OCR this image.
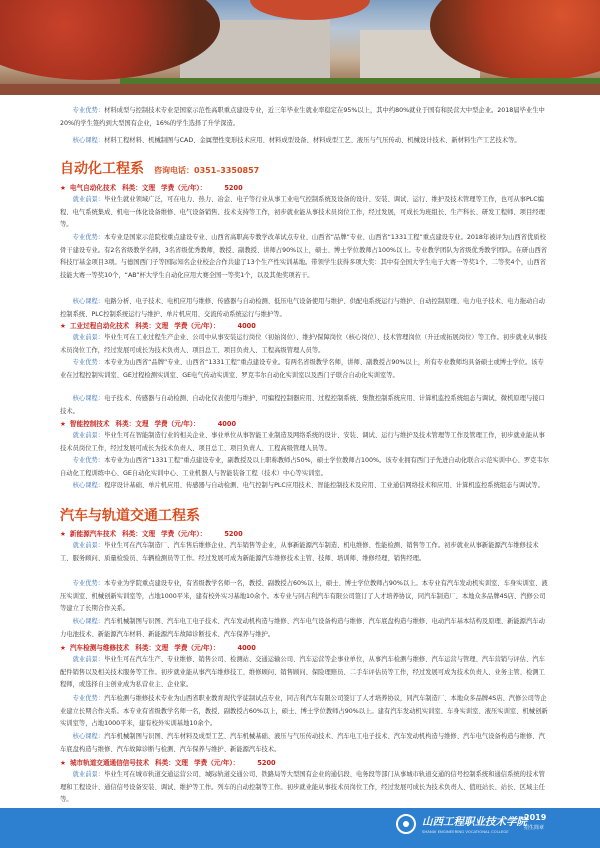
专业优势：材料成型与控制技术专业是国家示范性高职重点建设专业，近三年毕业生就业率稳定在95%以上，其中约80%就业于国有和民营大中型企业。2018届毕业生中20%的学生签约到大型国有企业，16%的学生选择了升学深造。
核心课程：材料工程材料、机械制图与CAD、金属塑性变形技术应用、材料成型设备、材料成型工艺、液压与气压传动、机械设计技术、新材料生产工艺技术等。
自动化工程系 咨询电话：0351–3350857
★ 电气自动化技术 科类：文理 学费（元/年）：	5200
就业前景：毕业生就业领域广泛，可在电力、热力、冶金、电子等行业从事工业电气控制系统及设备的设计、安装、调试、运行、维护及技术管理等工作，也可从事PLC编程、电气系统集成、机电一体化设备维修、电气设备销售、技术支持等工作，初步就业能从事技术员岗位工作，经过发展，可成长为班组长、生产科长、研发工程师、项目经理等。
专业优势：本专业是国家示范院校重点建设专业、山西省高职高专教学改革试点专业、山西省“品牌”专业、山西省“1331工程”重点建设专业。2018年被评为山西省优质校骨干建设专业。有2名省级教学名师，3名省级优秀教师，教授、副教授、讲师占90%以上，硕士、博士学位教师占100%以上。专业教学团队为省级优秀教学团队。在研山西省科技厅基金项目3项。与德国西门子等国际知名企业校企合作共建了13个生产性实训基地。带领学生获得多项大奖：其中有全国大学生电子大赛一等奖1个、二等奖4个，山西省技能大赛一等奖10个，“AB”杯大学生自动化应用大赛全国一等奖1个，以及其他奖项若干。
核心课程：电路分析、电子技术、电机应用与维修、传感器与自动检测、低压电气设备使用与维护、供配电系统运行与维护、自动控制原理、电力电子技术、电力拖动自动控制系统、PLC控制系统运行与维护、单片机应用、交流传动系统运行与维护等。
★ 工业过程自动化技术 科类：文理 学费（元/年）：	4000
就业前景：毕业生可在工业过程生产企业、公司中从事安装运行岗位（初始岗位）、维护/保障岗位（核心岗位）、技术管理岗位（升迁或拓展岗位）等工作。初步就业从事技术员岗位工作，经过发展可成长为技术负责人、项目总工、项目负责人、工程高级管理人员等。
专业优势：本专业为山西省“品牌”专业、山西省“1331工程”重点建设专业。有两名省级教学名师，讲师、副教授占90%以上，所有专业教师均具备硕士或博士学位。该专业在过程控制实训室、GE过程检测实训室、GE电气传动实训室、罗克韦尔自动化实训室以及西门子联合自动化实训室等。
核心课程：电子技术、传感器与自动检测、自动化仪表使用与维护、可编程控制器应用、过程控制系统、集散控制系统应用、计算机监控系统组态与调试、微机原理与接口技术。
★ 智能控制技术 科类：文理 学费（元/年）：	4000
就业前景：毕业生可在智能制造行业的相关企业、事业单位从事智能工业制造及网络系统的设计、安装、调试、运行与维护及技术管理等工作及管理工作，初步就业能从事技术员岗位工作，经过发展可成长为技术负责人、项目总工、项目负责人、工程高级管理人员等。
专业优势：本专业为山西省“1331工程”重点建设专业，副教授及以上职称教师占50%，硕士学位教师占100%。该专业拥有西门子先进自动化联合示范实训中心、罗克韦尔自动化工程训练中心、GE自动化实训中心、工业机器人与智能装备工程（技术）中心等实训室。
核心课程：程序设计基础、单片机应用、传感器与自动检测、电气控制与PLC应用技术、智能控制技术及应用、工业通信网络技术和应用、计算机监控系统组态与调试等。
汽车与轨道交通工程系
★ 新能源汽车技术 科类：文理 学费（元/年）：	5200
就业前景：毕业生可在汽车制造厂、汽车售后维修企业、汽车销售等企业，从事新能源汽车制造、机电维修、性能检测、销售等工作。初步就业从事新能源汽车维修技术工、服务顾问、质量检验员、车辆检测员等工作。经过发展可成为新能源汽车维修技术主管、技师、培训师、维修经理、销售经理。
专业优势：本专业为学院重点建设专业，有省级教学名师一名，教授、副教授占60%以上，硕士、博士学位教师占90%以上。本专业有汽车发动机实训室、车身实训室、液压实训室、机械创新实训室等，占地1000平米，建有校外实习基地10余个。本专业与同吉利汽车有限公司签订了人才培养协议，同汽车制造厂、本地众多品牌4S店、汽修公司等建立了长期合作关系。
核心课程：汽车机械制图与识图、汽车电工电子技术、汽车发动机构造与维修、汽车电气设备构造与维修、汽车底盘构造与维修、电动汽车基本结构及原理、新能源汽车动力电池技术、新能源汽车材料、新能源汽车故障诊断技术、汽车保养与维护。
★ 汽车检测与维修技术 科类：文理 学费（元/年）：	4000
就业前景：毕业生可在汽车生产、专业维修、销售公司、检测站、交通运输公司、汽车运营等企事业单位，从事汽车检测与维修、汽车运营与管理、汽车营销与评估、汽车配件销售以及相关技术服务等工作。初步就业能从事汽车维修技工、维修顾问、销售顾问、保险理赔员、二手车评估员等工作，经过发展可成为技术负责人、业务主管、检测工程师，或选择自主创业成为私营业主、企业家。
专业优势：汽车检测与维修技术专业为山西省职业教育现代学徒制试点专业，同吉利汽车有限公司签订了人才培养协议，同汽车制造厂、本地众多品牌4S店、汽修公司等企业建立长期合作关系。本专业有省级教学名师一名，教授、副教授占60%以上，硕士、博士学位教师占90%以上。建有汽车发动机实训室、车身实训室、液压实训室、机械创新实训室等，占地1000平米，建有校外实训基地10余个。
核心课程：汽车机械制图与识图、汽车材料及成型工艺、汽车机械基础、液压与气压传动技术、汽车电工电子技术、汽车发动机构造与维修、汽车电气设备构造与维修、汽车底盘构造与维修、汽车故障诊断与检测、汽车保养与维护、新能源汽车技术。
★ 城市轨道交通通信信号技术 科类：文理 学费（元/年）：	5200
就业前景：毕业生可在城市轨道交通运营公司、城际轨道交通公司、铁路局等大型国有企业的通信段、电务段等部门从事城市轨道交通的信号控制系统和通信系统的技术管理和工程设计、通信信号设备安装、调试、维护等工作。列车的自动控制等工作。初步就业能从事技术员岗位工作，经过发展可成长为技术负责人、值班站长、站长、区域主任等。
山西工程职业技术学院
SHANXI ENGINEERING VOCATIONAL COLLEGE
2019
招生简章
